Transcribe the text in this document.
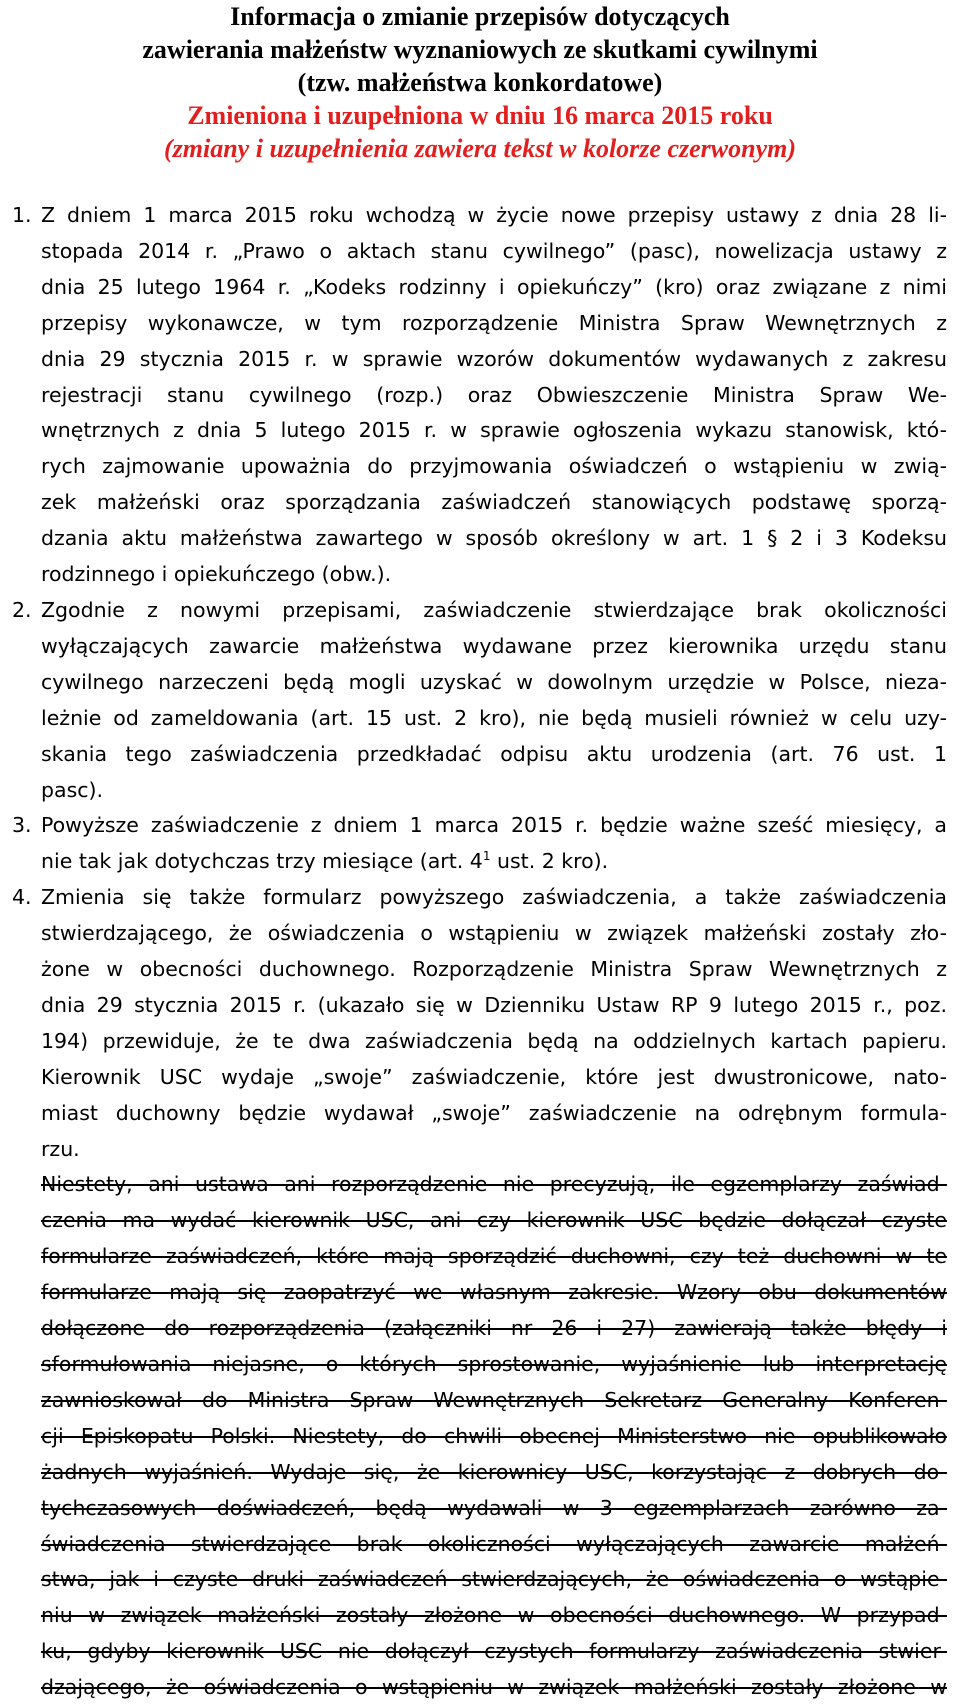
Informacja o zmianie przepisów dotyczących
zawierania małżeństw wyznaniowych ze skutkami cywilnymi
(tzw. małżeństwa konkordatowe)
Zmieniona i uzupełniona w dniu 16 marca 2015 roku
(zmiany i uzupełnienia zawiera tekst w kolorze czerwonym)
1. Z dniem 1 marca 2015 roku wchodzą w życie nowe przepisy ustawy z dnia 28 li-
stopada 2014 r. „Prawo o aktach stanu cywilnego” (pasc), nowelizacja ustawy z
dnia 25 lutego 1964 r. „Kodeks rodzinny i opiekuńczy” (kro) oraz związane z nimi
przepisy wykonawcze, w tym rozporządzenie Ministra Spraw Wewnętrznych z
dnia 29 stycznia 2015 r. w sprawie wzorów dokumentów wydawanych z zakresu
rejestracji stanu cywilnego (rozp.) oraz Obwieszczenie Ministra Spraw We-
wnętrznych z dnia 5 lutego 2015 r. w sprawie ogłoszenia wykazu stanowisk, któ-
rych zajmowanie upoważnia do przyjmowania oświadczeń o wstąpieniu w zwią-
zek małżeński oraz sporządzania zaświadczeń stanowiących podstawę sporzą-
dzania aktu małżeństwa zawartego w sposób określony w art. 1 § 2 i 3 Kodeksu
rodzinnego i opiekuńczego (obw.).
2. Zgodnie z nowymi przepisami, zaświadczenie stwierdzające brak okoliczności
wyłączających zawarcie małżeństwa wydawane przez kierownika urzędu stanu
cywilnego narzeczeni będą mogli uzyskać w dowolnym urzędzie w Polsce, nieza-
leżnie od zameldowania (art. 15 ust. 2 kro), nie będą musieli również w celu uzy-
skania tego zaświadczenia przedkładać odpisu aktu urodzenia (art. 76 ust. 1
pasc).
3. Powyższe zaświadczenie z dniem 1 marca 2015 r. będzie ważne sześć miesięcy, a
nie tak jak dotychczas trzy miesiące (art. $4^1$ ust. 2 kro).
4. Zmienia się także formularz powyższego zaświadczenia, a także zaświadczenia
stwierdzającego, że oświadczenia o wstąpieniu w związek małżeński zostały zło-
żone w obecności duchownego. Rozporządzenie Ministra Spraw Wewnętrznych z
dnia 29 stycznia 2015 r. (ukazało się w Dzienniku Ustaw RP 9 lutego 2015 r., poz.
194) przewiduje, że te dwa zaświadczenia będą na oddzielnych kartach papieru.
Kierownik USC wydaje „swoje” zaświadczenie, które jest dwustronicowe, nato-
miast duchowny będzie wydawał „swoje” zaświadczenie na odrębnym formula-
rzu.
Niestety, ani ustawa ani rozporządzenie nie precyzują, ile egzemplarzy zaświad-
czenia ma wydać kierownik USC, ani czy kierownik USC będzie dołączał czyste
formularze zaświadczeń, które mają sporządzić duchowni, czy też duchowni w te
formularze mają się zaopatrzyć we własnym zakresie. Wzory obu dokumentów
dołączone do rozporządzenia (załączniki nr 26 i 27) zawierają także błędy i
sformułowania niejasne, o których sprostowanie, wyjaśnienie lub interpretację
zawnioskował do Ministra Spraw Wewnętrznych Sekretarz Generalny Konferen-
cji Episkopatu Polski. Niestety, do chwili obecnej Ministerstwo nie opublikowało
żadnych wyjaśnień. Wydaje się, że kierownicy USC, korzystając z dobrych do-
tychczasowych doświadczeń, będą wydawali w 3 egzemplarzach zarówno za-
świadczenia stwierdzające brak okoliczności wyłączających zawarcie małżeń-
stwa, jak i czyste druki zaświadczeń stwierdzających, że oświadczenia o wstąpie-
niu w związek małżeński zostały złożone w obecności duchownego. W przypad-
ku, gdyby kierownik USC nie dołączył czystych formularzy zaświadczenia stwier-
dzającego, że oświadczenia o wstąpieniu w związek małżeński zostały złożone w
